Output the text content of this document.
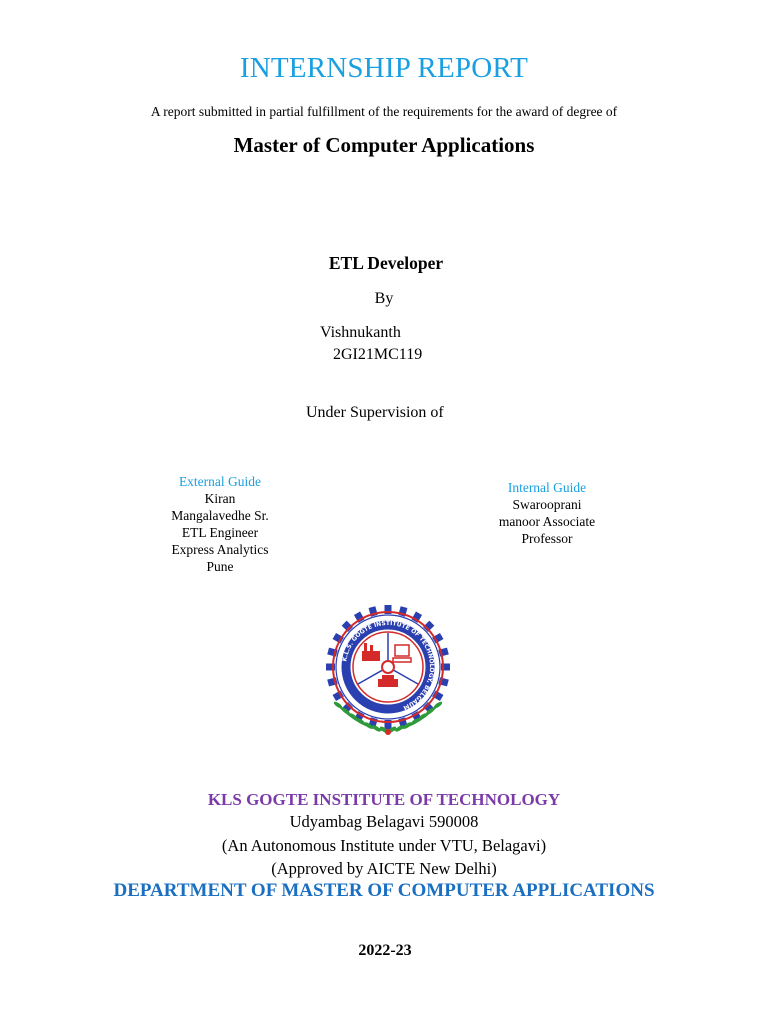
INTERNSHIP REPORT
A report submitted in partial fulfillment of the requirements for the award of degree of
Master of Computer Applications
ETL Developer
By
Vishnukanth
2GI21MC119
Under Supervision of
External Guide
Kiran
Mangalavedhe Sr.
ETL Engineer
Express Analytics
Pune
Internal Guide
Swarooprani
manoor Associate
Professor
K.L.S. GOGTE INSTITUTE OF TECHNOLOGY, BELGAUM
KLS GOGTE INSTITUTE OF TECHNOLOGY
Udyambag Belagavi 590008
(An Autonomous Institute under VTU, Belagavi)
(Approved by AICTE New Delhi)
DEPARTMENT OF MASTER OF COMPUTER APPLICATIONS
2022-23
